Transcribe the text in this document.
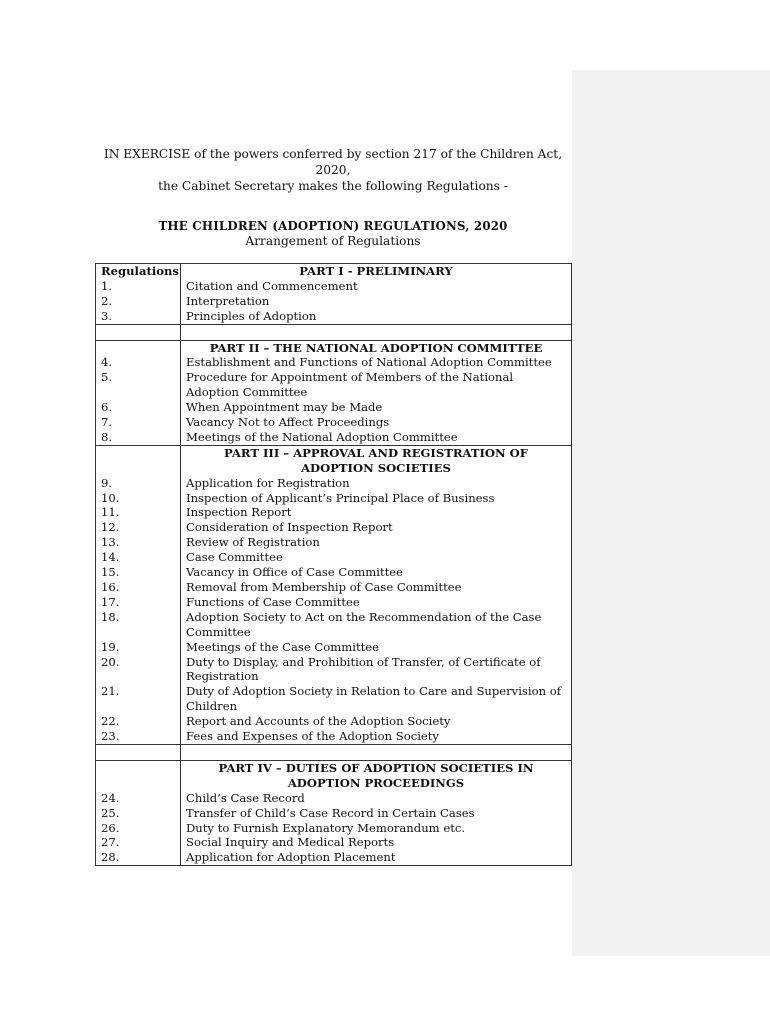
IN EXERCISE of the powers conferred by section 217 of the Children Act, 2020,
the Cabinet Secretary makes the following Regulations -
THE CHILDREN (ADOPTION) REGULATIONS, 2020
Arrangement of Regulations
Regulations	PART I - PRELIMINARY
1.	Citation and Commencement
2.	Interpretation
3.	Principles of Adoption

	PART II – THE NATIONAL ADOPTION COMMITTEE
4.	Establishment and Functions of National Adoption Committee
5.	Procedure for Appointment of Members of the National Adoption Committee
6.	When Appointment may be Made
7.	Vacancy Not to Affect Proceedings
8.	Meetings of the National Adoption Committee
	PART III – APPROVAL AND REGISTRATION OF ADOPTION SOCIETIES
9.	Application for Registration
10.	Inspection of Applicant’s Principal Place of Business
11.	Inspection Report
12.	Consideration of Inspection Report
13.	Review of Registration
14.	Case Committee
15.	Vacancy in Office of Case Committee
16.	Removal from Membership of Case Committee
17.	Functions of Case Committee
18.	Adoption Society to Act on the Recommendation of the Case Committee
19.	Meetings of the Case Committee
20.	Duty to Display, and Prohibition of Transfer, of Certificate of Registration
21.	Duty of Adoption Society in Relation to Care and Supervision of Children
22.	Report and Accounts of the Adoption Society
23.	Fees and Expenses of the Adoption Society

	PART IV – DUTIES OF ADOPTION SOCIETIES IN ADOPTION PROCEEDINGS
24.	Child’s Case Record
25.	Transfer of Child’s Case Record in Certain Cases
26.	Duty to Furnish Explanatory Memorandum etc.
27.	Social Inquiry and Medical Reports
28.	Application for Adoption Placement
